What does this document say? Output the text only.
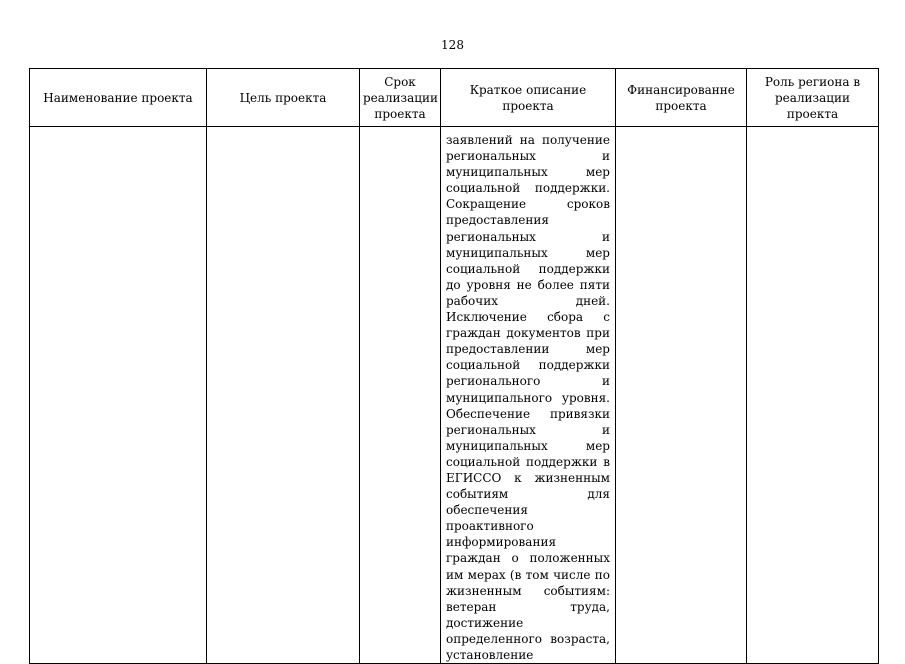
128
Наименование проекта	Цель проекта	Срок реализации проекта	Краткое описание проекта	Финансированне проекта	Роль региона в реализации проекта

			заявлений на получение региональных и муниципальных мер социальной поддержки. Сокращение сроков предоставления региональных и муниципальных мер социальной поддержки до уровня не более пяти рабочих дней. Исключение сбора с граждан документов при предоставлении мер социальной поддержки регионального и муниципального уровня. Обеспечение привязки региональных и муниципальных мер социальной поддержки в ЕГИССО к жизненным событиям для обеспечения проактивного информирования граждан о положенных им мерах (в том числе по жизненным событиям: ветеран труда, достижение определенного возраста, установление		
